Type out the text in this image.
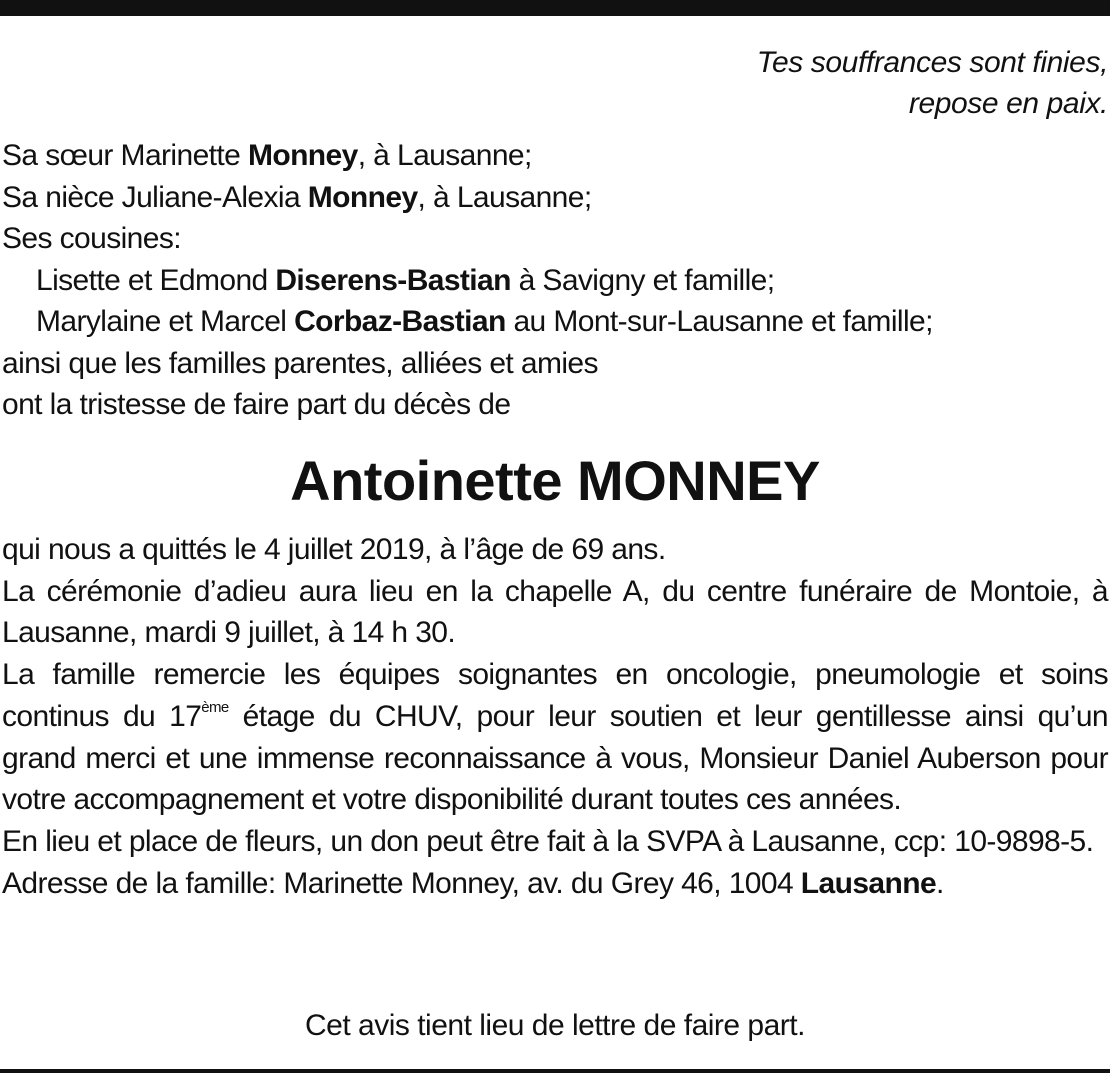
Tes souffrances sont finies,
repose en paix.
Sa sœur Marinette Monney, à Lausanne;
Sa nièce Juliane-Alexia Monney, à Lausanne;
Ses cousines:
Lisette et Edmond Diserens-Bastian à Savigny et famille;
Marylaine et Marcel Corbaz-Bastian au Mont-sur-Lausanne et famille;
ainsi que les familles parentes, alliées et amies
ont la tristesse de faire part du décès de
Antoinette MONNEY
qui nous a quittés le 4 juillet 2019, à l’âge de 69 ans.
La cérémonie d’adieu aura lieu en la chapelle A, du centre funéraire de Montoie, à Lausanne, mardi 9 juillet, à 14 h 30.
La famille remercie les équipes soignantes en oncologie, pneumologie et soins continus du 17ème étage du CHUV, pour leur soutien et leur gentillesse ainsi qu’un grand merci et une immense reconnaissance à vous, Monsieur Daniel Auberson pour votre accompagnement et votre disponibilité durant toutes ces années.
En lieu et place de fleurs, un don peut être fait à la SVPA à Lausanne, ccp: 10-9898-5.
Adresse de la famille: Marinette Monney, av. du Grey 46, 1004 Lausanne.
Cet avis tient lieu de lettre de faire part.
